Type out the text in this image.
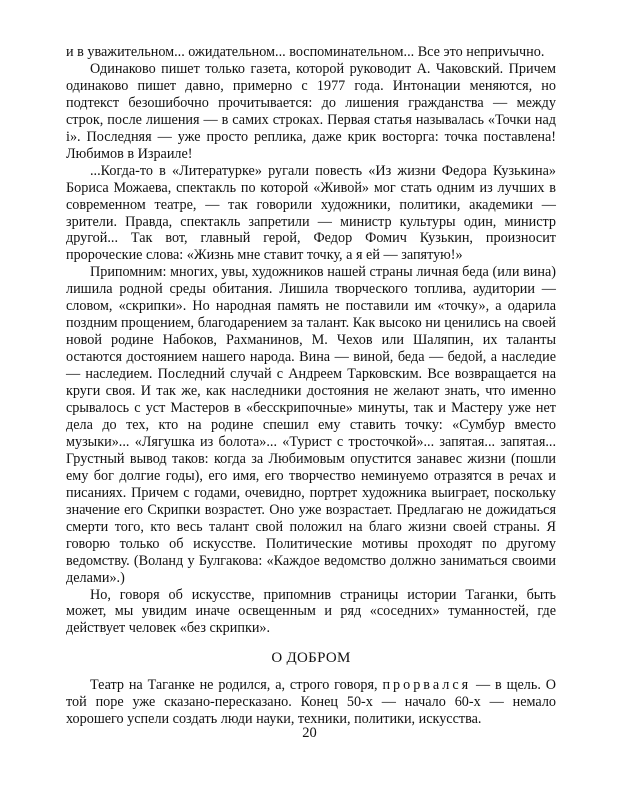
и в уважительном... ожидательном... воспоминательном... Все это неприvычно.

Одинаково пишет только газета, которой руководит А. Чаковский. Причем одинаково пишет давно, примерно с 1977 года. Интонации меняются, но подтекст безошибочно прочитывается: до лишения гражданства — между строк, после лишения — в самих строках. Первая статья называлась «Точки над i». Последняя — уже просто реплика, даже крик восторга: точка поставлена! Любимов в Израиле!

...Когда-то в «Литературке» ругали повесть «Из жизни Федора Кузькина» Бориса Можаева, спектакль по которой «Живой» мог стать одним из лучших в современном театре, — так говорили художники, политики, академики — зрители. Правда, спектакль запретили — министр культуры один, министр другой... Так вот, главный герой, Федор Фомич Кузькин, произносит пророческие слова: «Жизнь мне ставит точку, а я ей — запятую!»

Припомним: многих, увы, художников нашей страны личная беда (или вина) лишила родной среды обитания. Лишила творческого топлива, аудитории — словом, «скрипки». Но народная память не поставили им «точку», а одарила поздним прощением, благодарением за талант. Как высоко ни ценились на своей новой родине Набоков, Рахманинов, М. Чехов или Шаляпин, их таланты остаются достоянием нашего народа. Вина — виной, беда — бедой, а наследие — наследием. Последний случай с Андреем Тарковским. Все возвращается на круги своя. И так же, как наследники достояния не желают знать, что именно срывалось с уст Мастеров в «бесскрипочные» минуты, так и Мастеру уже нет дела до тех, кто на родине спешил ему ставить точку: «Сумбур вместо музыки»... «Лягушка из болота»... «Турист с тросточкой»... запятая... запятая... Грустный вывод таков: когда за Любимовым опустится занавес жизни (пошли ему бог долгие годы), его имя, его творчество неминуемо отразятся в речах и писаниях. Причем с годами, очевидно, портрет художника выиграет, поскольку значение его Скрипки возрастет. Оно уже возрастает. Предлагаю не дожидаться смерти того, кто весь талант свой положил на благо жизни своей страны. Я говорю только об искусстве. Политические мотивы проходят по другому ведомству. (Воланд у Булгакова: «Каждое ведомство должно заниматься своими делами».)

Но, говоря об искусстве, припомнив страницы истории Таганки, быть может, мы увидим иначе освещенным и ряд «соседних» туманностей, где действует человек «без скрипки».

О ДОБРОМ

Театр на Таганке не родился, а, строго говоря, прорвался — в щель. О той поре уже сказано-пересказано. Конец 50-х — начало 60-х — немало хорошего успели создать люди науки, техники, политики, искусства.

20
